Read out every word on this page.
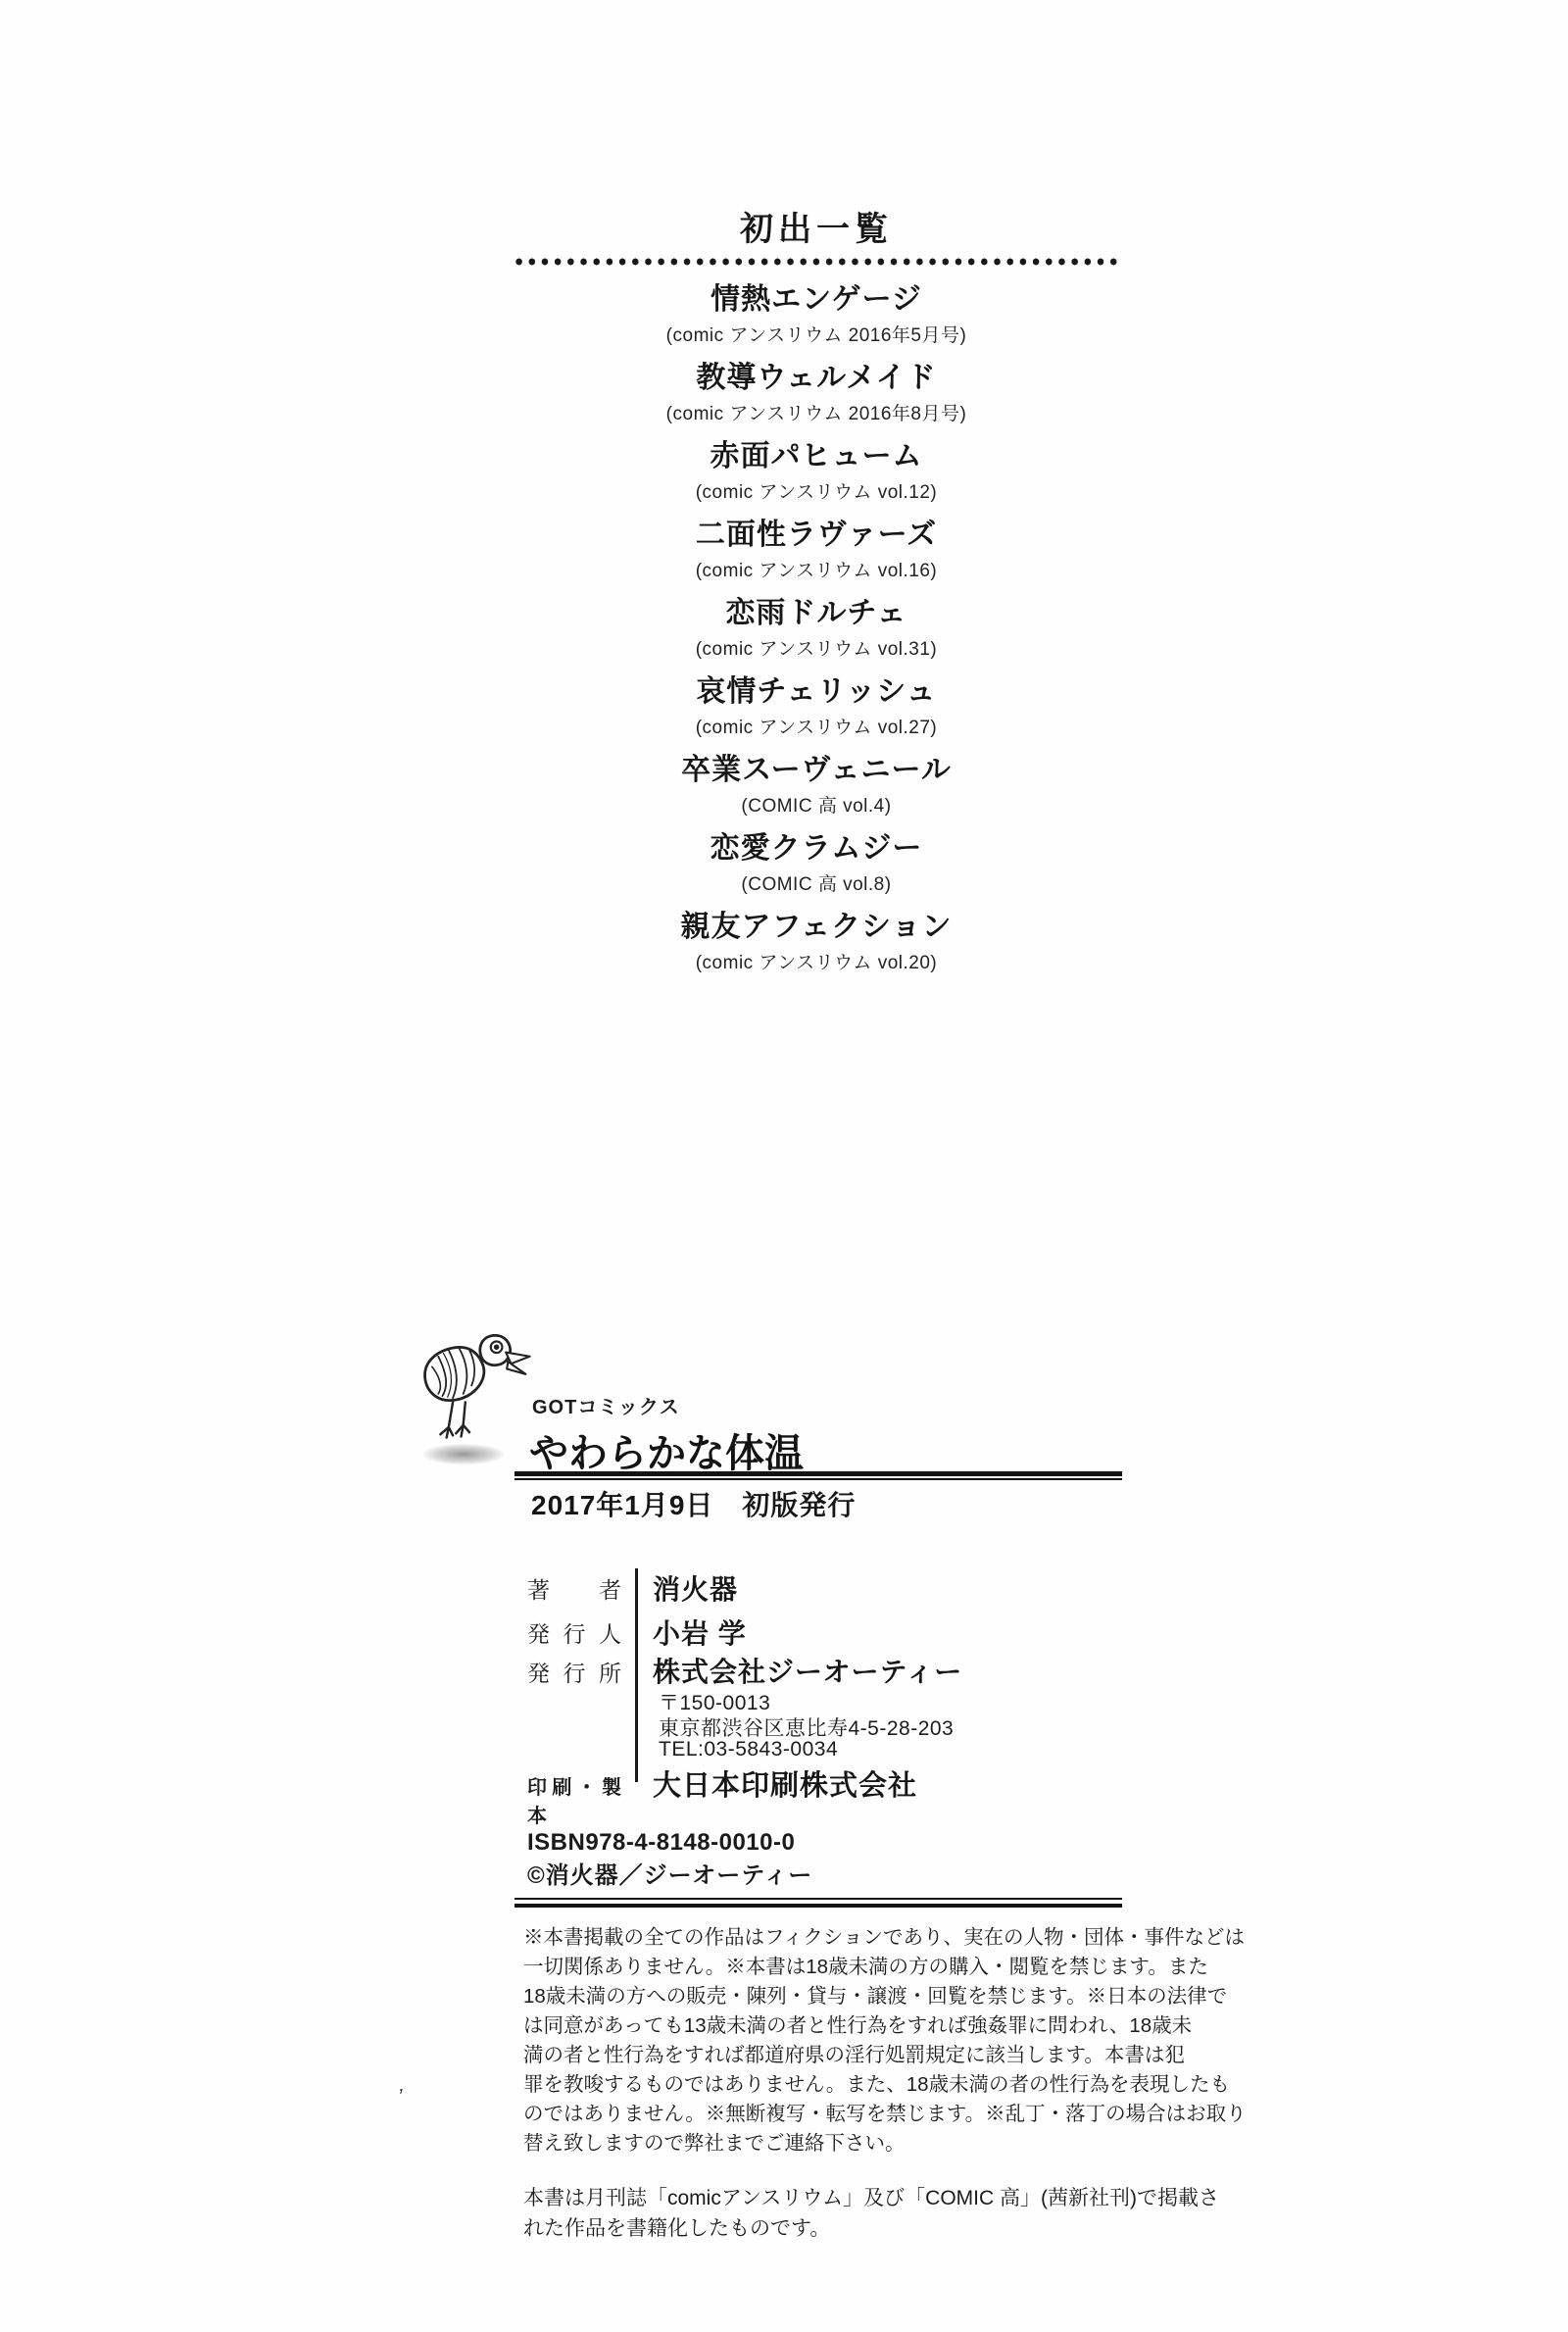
初出一覧
情熱エンゲージ
(comic アンスリウム 2016年5月号)
教導ウェルメイド
(comic アンスリウム 2016年8月号)
赤面パヒューム
(comic アンスリウム vol.12)
二面性ラヴァーズ
(comic アンスリウム vol.16)
恋雨ドルチェ
(comic アンスリウム vol.31)
哀情チェリッシュ
(comic アンスリウム vol.27)
卒業スーヴェニール
(COMIC 高 vol.4)
恋愛クラムジー
(COMIC 高 vol.8)
親友アフェクション
(comic アンスリウム vol.20)
GOTコミックス
やわらかな体温
2017年1月9日　初版発行
著者 消火器
発行人 小岩 学
発行所 株式会社ジーオーティー
〒150-0013
東京都渋谷区恵比寿4-5-28-203
TEL:03-5843-0034
印刷・製本
大日本印刷株式会社
ISBN978-4-8148-0010-0
©消火器／ジーオーティー
※本書掲載の全ての作品はフィクションであり、実在の人物・団体・事件などは
一切関係ありません。※本書は18歳未満の方の購入・閲覧を禁じます。また
18歳未満の方への販売・陳列・貸与・譲渡・回覧を禁じます。※日本の法律で
は同意があっても13歳未満の者と性行為をすれば強姦罪に問われ、18歳未
満の者と性行為をすれば都道府県の淫行処罰規定に該当します。本書は犯
罪を教唆するものではありません。また、18歳未満の者の性行為を表現したも
のではありません。※無断複写・転写を禁じます。※乱丁・落丁の場合はお取り
替え致しますので弊社までご連絡下さい。
本書は月刊誌「comicアンスリウム」及び「COMIC 高」(茜新社刊)で掲載さ
れた作品を書籍化したものです。
’
